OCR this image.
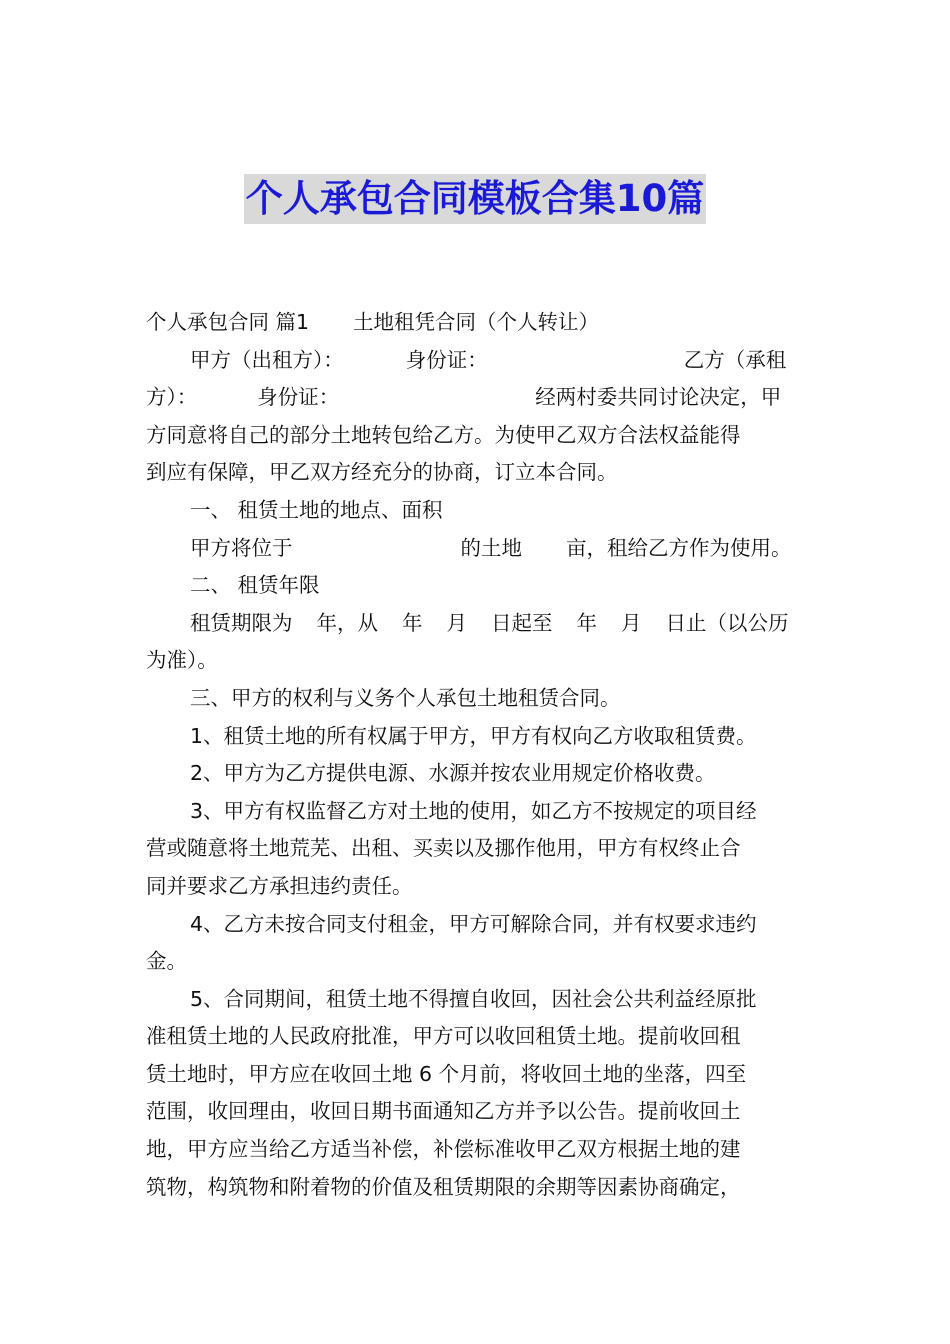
个人承包合同模板合集10篇

个人承包合同 篇1 土地租凭合同（个人转让）

甲方（出租方）：	身份证：	乙方（承租

方）：	身份证：	经两村委共同讨论决定，甲

方同意将自己的部分土地转包给乙方。为使甲乙双方合法权益能得

到应有保障，甲乙双方经充分的协商，订立本合同。

一、 租赁土地的地点、面积

甲方将位于	的土地 亩，租给乙方作为使用。

二、 租赁年限

租赁期限为 年，从 年 月 日起至 年 月 日止（以公历

为准）。

三、甲方的权利与义务个人承包土地租赁合同。

1、租赁土地的所有权属于甲方，甲方有权向乙方收取租赁费。

2、甲方为乙方提供电源、水源并按农业用规定价格收费。

3、甲方有权监督乙方对土地的使用，如乙方不按规定的项目经

营或随意将土地荒芜、出租、买卖以及挪作他用，甲方有权终止合

同并要求乙方承担违约责任。

4、乙方未按合同支付租金，甲方可解除合同，并有权要求违约

金。

5、合同期间，租赁土地不得擅自收回，因社会公共利益经原批

准租赁土地的人民政府批准，甲方可以收回租赁土地。提前收回租

赁土地时，甲方应在收回土地 6 个月前，将收回土地的坐落，四至

范围，收回理由，收回日期书面通知乙方并予以公告。提前收回土

地，甲方应当给乙方适当补偿，补偿标准收甲乙双方根据土地的建

筑物，构筑物和附着物的价值及租赁期限的余期等因素协商确定，
